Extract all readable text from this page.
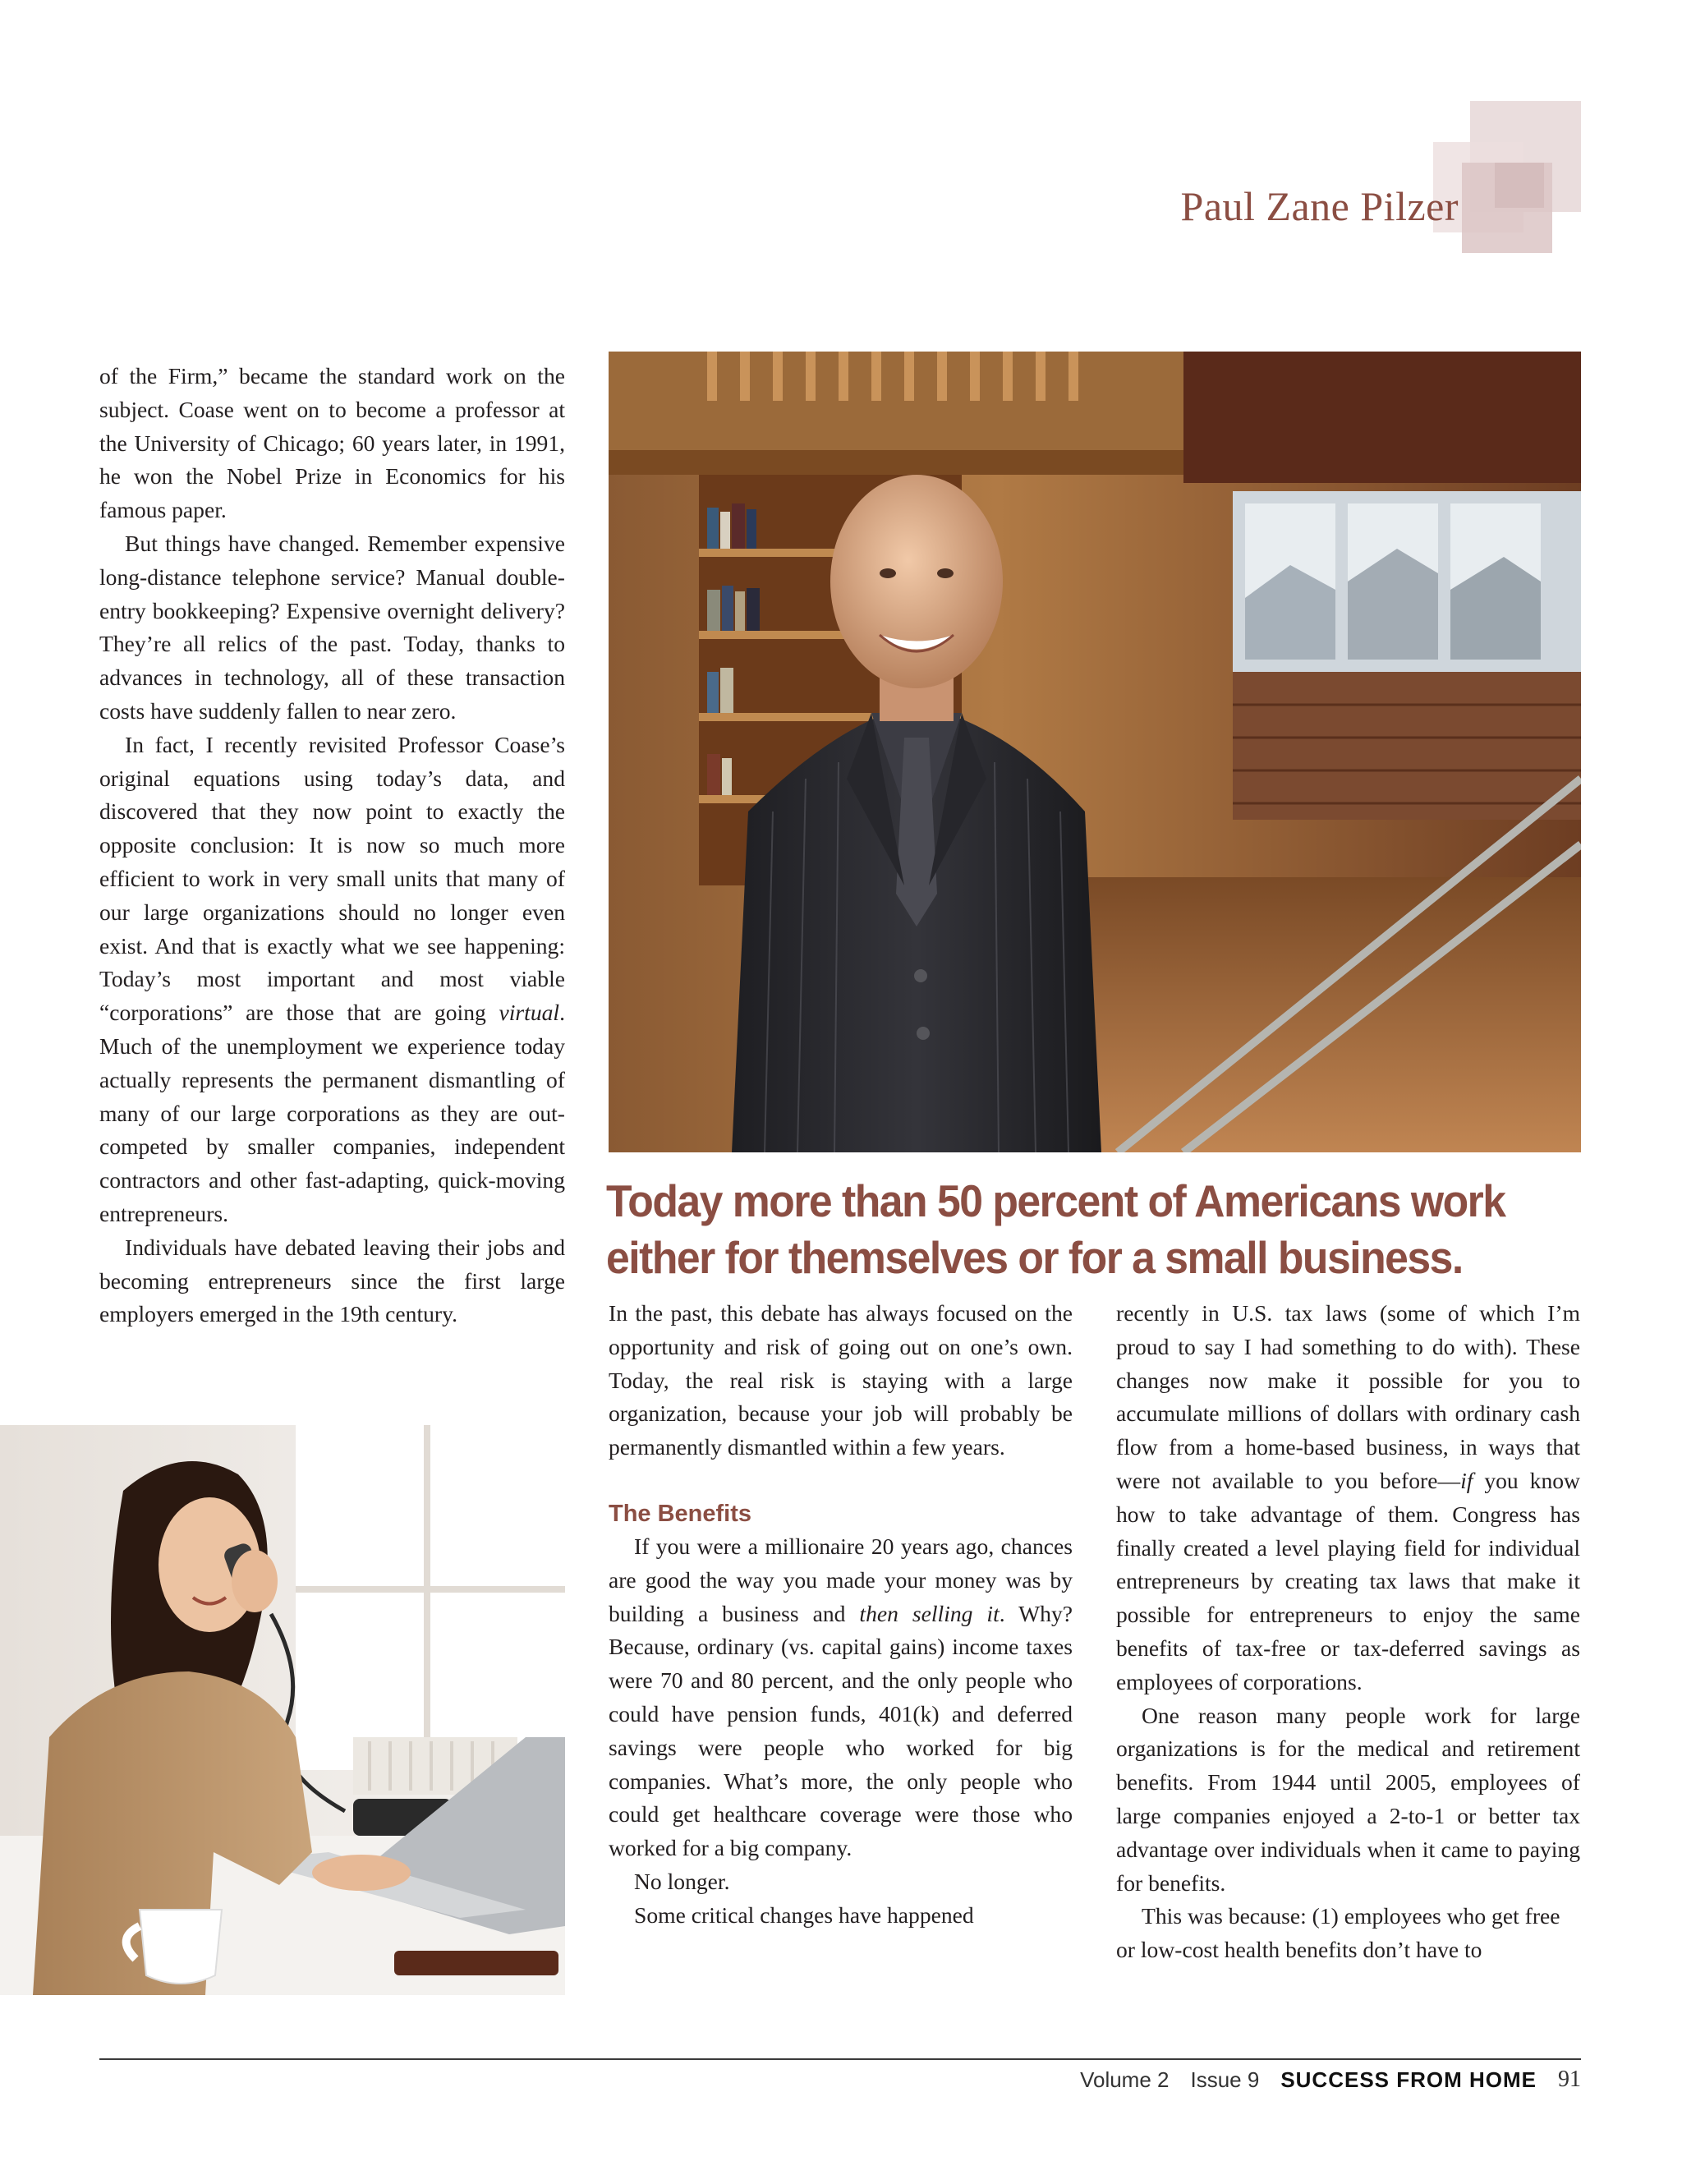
Paul Zane Pilzer

of the Firm,” became the standard work on the subject. Coase went on to become a professor at the University of Chicago; 60 years later, in 1991, he won the Nobel Prize in Economics for his famous paper.

But things have changed. Remember expensive long-distance telephone service? Manual double-entry bookkeeping? Expensive overnight delivery? They’re all relics of the past. Today, thanks to advances in technology, all of these transaction costs have suddenly fallen to near zero.

In fact, I recently revisited Professor Coase’s original equations using today’s data, and discovered that they now point to exactly the opposite conclusion: It is now so much more efficient to work in very small units that many of our large organizations should no longer even exist. And that is exactly what we see happening: Today’s most important and most viable “corporations” are those that are going virtual. Much of the unemployment we experience today actually represents the permanent dismantling of many of our large corporations as they are out-competed by smaller companies, independent contractors and other fast-adapting, quick-moving entrepreneurs.

Individuals have debated leaving their jobs and becoming entrepreneurs since the first large employers emerged in the 19th century.

Today more than 50 percent of Americans work either for themselves or for a small business.

In the past, this debate has always focused on the opportunity and risk of going out on one’s own. Today, the real risk is staying with a large organization, because your job will probably be permanently dismantled within a few years.

The Benefits

If you were a millionaire 20 years ago, chances are good the way you made your money was by building a business and then selling it. Why? Because, ordinary (vs. capital gains) income taxes were 70 and 80 percent, and the only people who could have pension funds, 401(k) and deferred savings were people who worked for big companies. What’s more, the only people who could get healthcare coverage were those who worked for a big company.

No longer.

Some critical changes have happened

recently in U.S. tax laws (some of which I’m proud to say I had something to do with). These changes now make it possible for you to accumulate millions of dollars with ordinary cash flow from a home-based business, in ways that were not available to you before—if you know how to take advantage of them. Congress has finally created a level playing field for individual entrepreneurs by creating tax laws that make it possible for entrepreneurs to enjoy the same benefits of tax-free or tax-deferred savings as employees of corporations.

One reason many people work for large organizations is for the medical and retirement benefits. From 1944 until 2005, employees of large companies enjoyed a 2-to-1 or better tax advantage over individuals when it came to paying for benefits.

This was because: (1) employees who get free or low-cost health benefits don’t have to

Volume 2 Issue 9 SUCCESS FROM HOME 91
